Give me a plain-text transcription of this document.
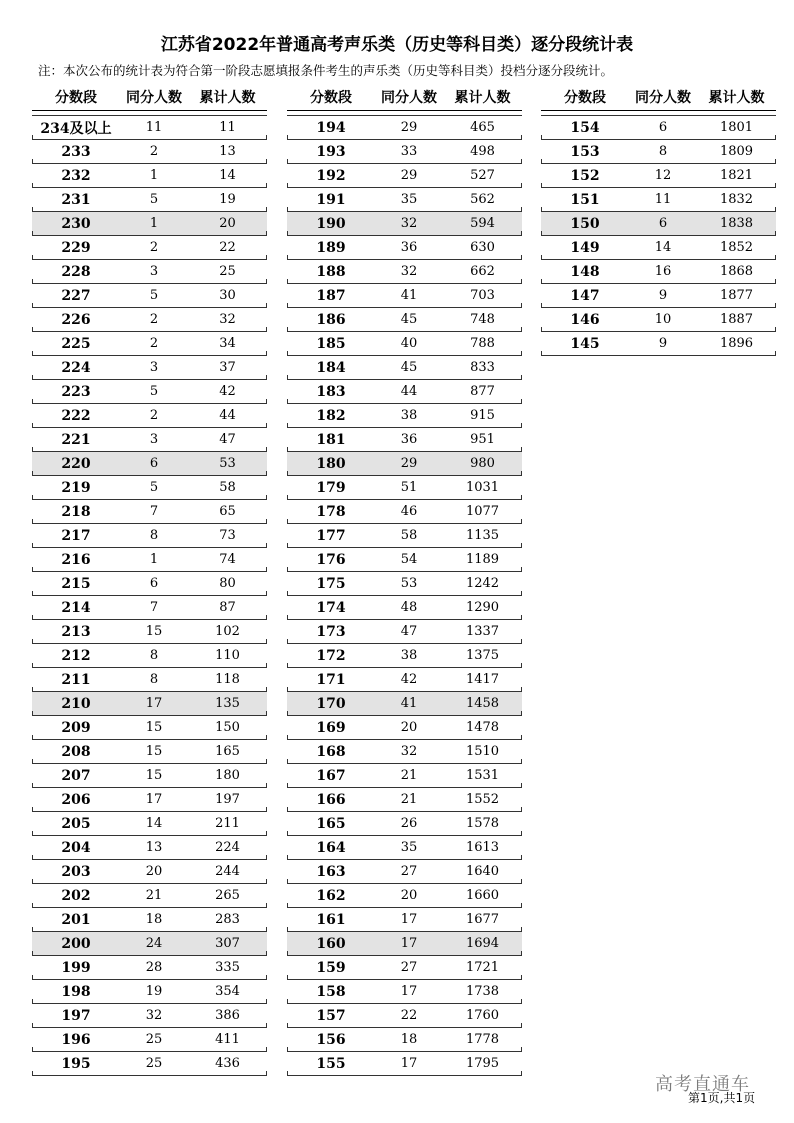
江苏省2022年普通高考声乐类（历史等科目类）逐分段统计表
注：本次公布的统计表为符合第一阶段志愿填报条件考生的声乐类（历史等科目类）投档分逐分段统计。
分数段	同分人数	累计人数
234及以上	11	11
233	2	13
232	1	14
231	5	19
230	1	20
229	2	22
228	3	25
227	5	30
226	2	32
225	2	34
224	3	37
223	5	42
222	2	44
221	3	47
220	6	53
219	5	58
218	7	65
217	8	73
216	1	74
215	6	80
214	7	87
213	15	102
212	8	110
211	8	118
210	17	135
209	15	150
208	15	165
207	15	180
206	17	197
205	14	211
204	13	224
203	20	244
202	21	265
201	18	283
200	24	307
199	28	335
198	19	354
197	32	386
196	25	411
195	25	436
分数段	同分人数	累计人数
194	29	465
193	33	498
192	29	527
191	35	562
190	32	594
189	36	630
188	32	662
187	41	703
186	45	748
185	40	788
184	45	833
183	44	877
182	38	915
181	36	951
180	29	980
179	51	1031
178	46	1077
177	58	1135
176	54	1189
175	53	1242
174	48	1290
173	47	1337
172	38	1375
171	42	1417
170	41	1458
169	20	1478
168	32	1510
167	21	1531
166	21	1552
165	26	1578
164	35	1613
163	27	1640
162	20	1660
161	17	1677
160	17	1694
159	27	1721
158	17	1738
157	22	1760
156	18	1778
155	17	1795
分数段	同分人数	累计人数
154	6	1801
153	8	1809
152	12	1821
151	11	1832
150	6	1838
149	14	1852
148	16	1868
147	9	1877
146	10	1887
145	9	1896
高考直通车
第1页,共1页
